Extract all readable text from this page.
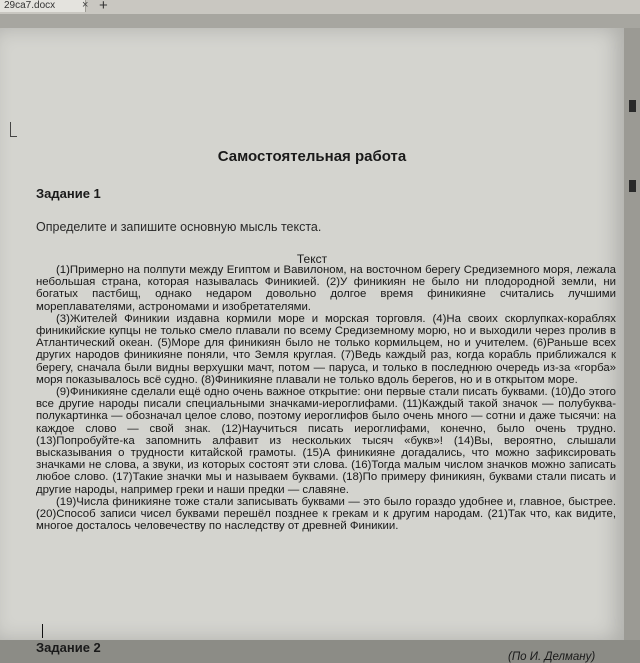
29ca7.docx × +
Самостоятельная работа
Задание 1
Определите и запишите основную мысль текста.
Текст

(1)Примерно на полпути между Египтом и Вавилоном, на восточном берегу Средиземного моря, лежала небольшая страна, которая называлась Финикией. (2)У финикиян не было ни плодородной земли, ни богатых пастбищ, однако недаром довольно долгое время финикияне считались лучшими мореплавателями, астрономами и изобретателями.

(3)Жителей Финикии издавна кормили море и морская торговля. (4)На своих скорлупках-кораблях финикийские купцы не только смело плавали по всему Средиземному морю, но и выходили через пролив в Атлантический океан. (5)Море для финикиян было не только кормильцем, но и учителем. (6)Раньше всех других народов финикияне поняли, что Земля круглая. (7)Ведь каждый раз, когда корабль приближался к берегу, сначала были видны верхушки мачт, потом — паруса, и только в последнюю очередь из-за «горба» моря показывалось всё судно. (8)Финикияне плавали не только вдоль берегов, но и в открытом море.

(9)Финикияне сделали ещё одно очень важное открытие: они первые стали писать буквами. (10)До этого все другие народы писали специальными значками-иероглифами. (11)Каждый такой значок — полубуква-полукартинка — обозначал целое слово, поэтому иероглифов было очень много — сотни и даже тысячи: на каждое слово — свой знак. (12)Научиться писать иероглифами, конечно, было очень трудно. (13)Попробуйте-ка запомнить алфавит из нескольких тысяч «букв»! (14)Вы, вероятно, слышали высказывания о трудности китайской грамоты. (15)А финикияне догадались, что можно зафиксировать значками не слова, а звуки, из которых состоят эти слова. (16)Тогда малым числом значков можно записать любое слово. (17)Такие значки мы и называем буквами. (18)По примеру финикиян, буквами стали писать и другие народы, например греки и наши предки — славяне.

(19)Числа финикияне тоже стали записывать буквами — это было гораздо удобнее и, главное, быстрее. (20)Способ записи чисел буквами перешёл позднее к грекам и к другим народам. (21)Так что, как видите, многое досталось человечеству по наследству от древней Финикии.

Задание 2
(По И. Делману)
